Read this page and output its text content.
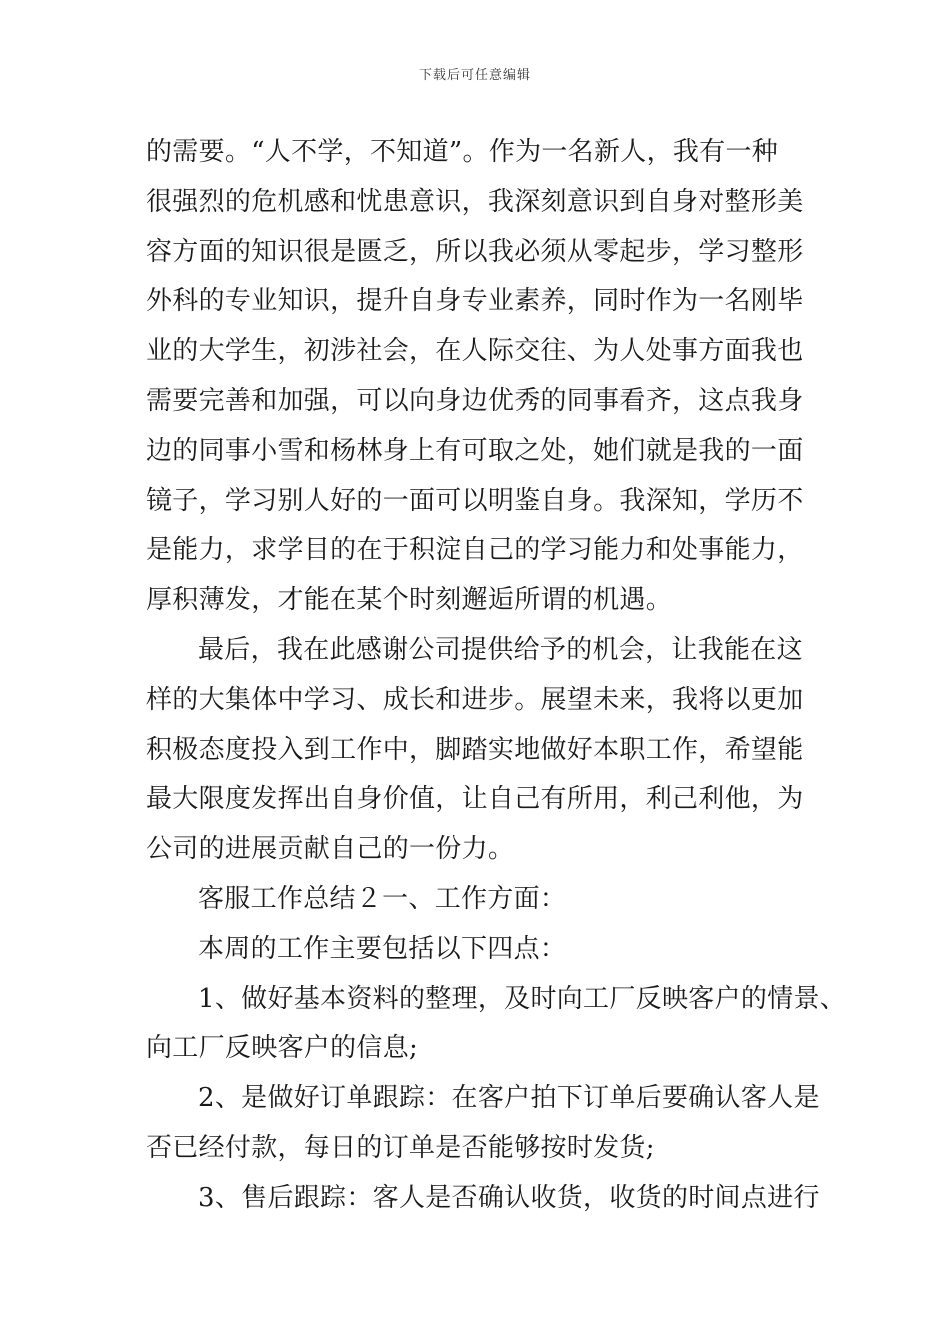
下载后可任意编辑
的需要。“人不学，不知道”。作为一名新人，我有一种
很强烈的危机感和忧患意识，我深刻意识到自身对整形美
容方面的知识很是匮乏，所以我必须从零起步，学习整形
外科的专业知识，提升自身专业素养，同时作为一名刚毕
业的大学生，初涉社会，在人际交往、为人处事方面我也
需要完善和加强，可以向身边优秀的同事看齐，这点我身
边的同事小雪和杨林身上有可取之处，她们就是我的一面
镜子，学习别人好的一面可以明鉴自身。我深知，学历不
是能力，求学目的在于积淀自己的学习能力和处事能力，
厚积薄发，才能在某个时刻邂逅所谓的机遇。
最后，我在此感谢公司提供给予的机会，让我能在这
样的大集体中学习、成长和进步。展望未来，我将以更加
积极态度投入到工作中，脚踏实地做好本职工作，希望能
最大限度发挥出自身价值，让自己有所用，利己利他，为
公司的进展贡献自己的一份力。
客服工作总结２一、工作方面：
本周的工作主要包括以下四点：
1、做好基本资料的整理，及时向工厂反映客户的情景、
向工厂反映客户的信息;
2、是做好订单跟踪：在客户拍下订单后要确认客人是
否已经付款，每日的订单是否能够按时发货;
3、售后跟踪：客人是否确认收货，收货的时间点进行
